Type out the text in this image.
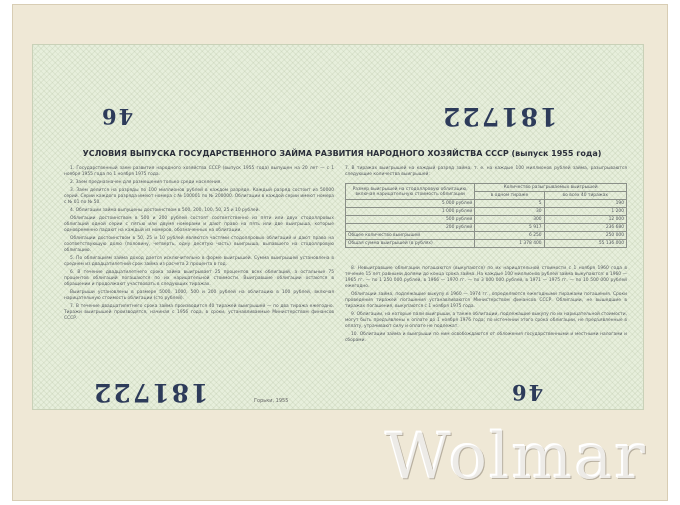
46	181722
181722	46
УСЛОВИЯ ВЫПУСКА ГОСУДАРСТВЕННОГО ЗАЙМА РАЗВИТИЯ НАРОДНОГО ХОЗЯЙСТВА СССР (выпуск 1955 года)

1. Государственный заем развития народного хозяйства СССР (выпуск 1955 года) выпущен на 20 лет — с 1 ноября 1955 года по 1 ноября 1975 года.

2. Заем предназначен для размещения только среди населения.

3. Заем делится на разряды по 100 миллионов рублей в каждом разряде. Каждый разряд состоит из 50000 серий. Серии каждого разряда имеют номера с № 100001 по № 200000. Облигации в каждой серии имеют номера с № 01 по № 50.

4. Облигации займа выпущены достоинством в 500, 200, 100, 50, 25 и 10 рублей.

Облигации достоинством в 500 и 200 рублей состоят соответственно из пяти или двух стодоллровых облигаций одной серии с пятью или двумя номерами и дают право на пять или две выигрыша, которые одновременно падают на каждый из номеров, обозначенных на облигации.

Облигации достоинством в 50, 25 и 10 рублей являются частями стодоллровых облигаций и дают право на соответствующую долю (половину, четверть, одну десятую часть) выигрыша, выпавшего на стодоллровую облигацию.

5. По облигациям займа доход дается исключительно в форме выигрышей. Сумма выигрышей установлена в среднем из двадцатилетний срок займа из расчета 2 процента в год.

6. В течение двадцатилетнего срока займа выигрывает 25 процентов всех облигаций, а остальные 75 процентов облигаций погашаются по их нарицательной стоимости. Выигравшие облигации остаются в обращении и продолжают участвовать в следующих тиражах.

Выигрыши установлены в размере 5000, 1000, 500 и 200 рублей на облигацию в 100 рублей, включая нарицательную стоимость облигации (сто рублей).

7. В течение двадцатилетнего срока займа производится 40 тиражей выигрышей — по два тиража ежегодно. Тиражи выигрышей производятся, начиная с 1956 года, в сроки, устанавливаемые Министерством финансов СССР.

7. В тиражах выигрышей на каждый разряд займа, т. е. на каждые 100 миллионов рублей займа, разыгрываются следующие количества выигрышей:
Размер выигрышей на стодоллровую облигацию, включая нарицательную стоимость облигации	Количество разыгрываемых выигрышей	
	в одном тираже	во всех 40 тиражах
5 000 рублей	5	190
1 000 рублей	30	1 200
500 рублей	300	12 000
200 рублей	5 917	236 680
Общее количество выигрышей	6 250	250 000
Общая сумма выигрышей (в рублях)	1 378 400	55 136 000

8. Невыигравшие облигации погашаются (выкупаются) по их нарицательной стоимости с 1 ноября 1960 года в течение 15 лет равными долями до конца срока займа. На каждые 100 миллионов рублей займа выкупаются: в 1960 — 1965 гг. — по 1 250 000 рублей, в 1966 — 1970 гг. — по 3 000 000 рублей, в 1971 — 1975 гг. — по 10 500 000 рублей ежегодно.

Облигации займа, подлежащие выкупу в 1960 — 1974 гг., определяются ежегодными тиражами погашения. Сроки проведения тиражей погашения устанавливаются Министерством финансов СССР. Облигации, не вышедшие в тиражах погашения, выкупаются с 1 ноября 1975 года.

9. Облигации, на которые пали выигрыши, а также облигации, подлежащие выкупу по их нарицательной стоимости, могут быть предъявлены к оплате до 1 ноября 1976 года; по истечении этого срока облигации, не предъявленные в оплату, утрачивают силу и оплате не подлежат.

10. Облигации займа и выигрыши по ним освобождаются от обложения государственными и местными налогами и сборами.

Горьки, 1955
Wolmar
